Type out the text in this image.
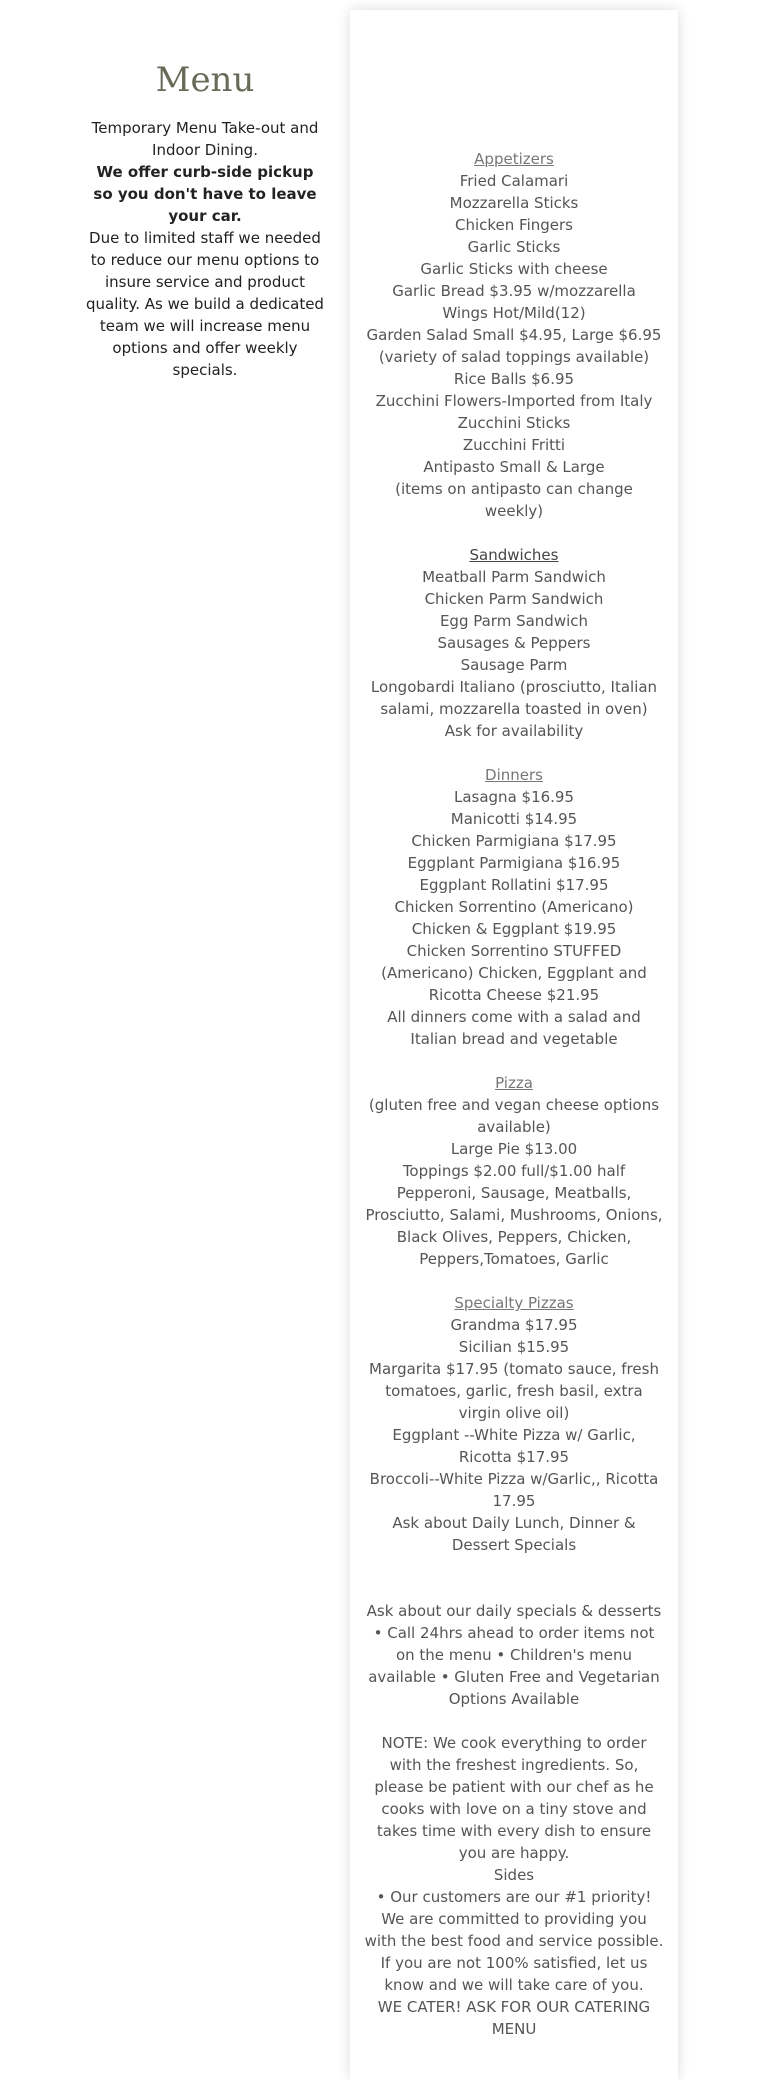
Menu

Temporary Menu Take-out and Indoor Dining.

We offer curb-side pickup so you don't have to leave your car.

Due to limited staff we needed to reduce our menu options to insure service and product quality. As we build a dedicated team we will increase menu options and offer weekly specials.

Appetizers
Fried Calamari
Mozzarella Sticks
Chicken Fingers
Garlic Sticks
Garlic Sticks with cheese
Garlic Bread $3.95 w/mozzarella
Wings Hot/Mild(12)
Garden Salad Small $4.95, Large $6.95
(variety of salad toppings available)
Rice Balls $6.95
Zucchini Flowers-Imported from Italy
Zucchini Sticks
Zucchini Fritti
Antipasto Small & Large
(items on antipasto can change weekly)
Sandwiches
Meatball Parm Sandwich
Chicken Parm Sandwich
Egg Parm Sandwich
Sausages & Peppers
Sausage Parm
Longobardi Italiano (prosciutto, Italian salami, mozzarella toasted in oven)
Ask for availability
Dinners
Lasagna $16.95
Manicotti $14.95
Chicken Parmigiana $17.95
Eggplant Parmigiana $16.95
Eggplant Rollatini $17.95
Chicken Sorrentino (Americano) Chicken & Eggplant $19.95
Chicken Sorrentino STUFFED (Americano) Chicken, Eggplant and Ricotta Cheese $21.95
All dinners come with a salad and Italian bread and vegetable
Pizza
(gluten free and vegan cheese options available)
Large Pie $13.00
Toppings $2.00 full/$1.00 half
Pepperoni, Sausage, Meatballs, Prosciutto, Salami, Mushrooms, Onions, Black Olives, Peppers, Chicken, Peppers,Tomatoes, Garlic
Specialty Pizzas
Grandma $17.95
Sicilian $15.95
Margarita $17.95 (tomato sauce, fresh tomatoes, garlic, fresh basil, extra virgin olive oil)
Eggplant --White Pizza w/ Garlic, Ricotta $17.95
Broccoli--White Pizza w/Garlic,, Ricotta 17.95
Ask about Daily Lunch, Dinner & Dessert Specials
Ask about our daily specials & desserts • Call 24hrs ahead to order items not on the menu • Children's menu available • Gluten Free and Vegetarian Options Available
NOTE: We cook everything to order with the freshest ingredients. So, please be patient with our chef as he cooks with love on a tiny stove and takes time with every dish to ensure you are happy.
Sides
• Our customers are our #1 priority! We are committed to providing you with the best food and service possible. If you are not 100% satisfied, let us know and we will take care of you.
WE CATER! ASK FOR OUR CATERING MENU
